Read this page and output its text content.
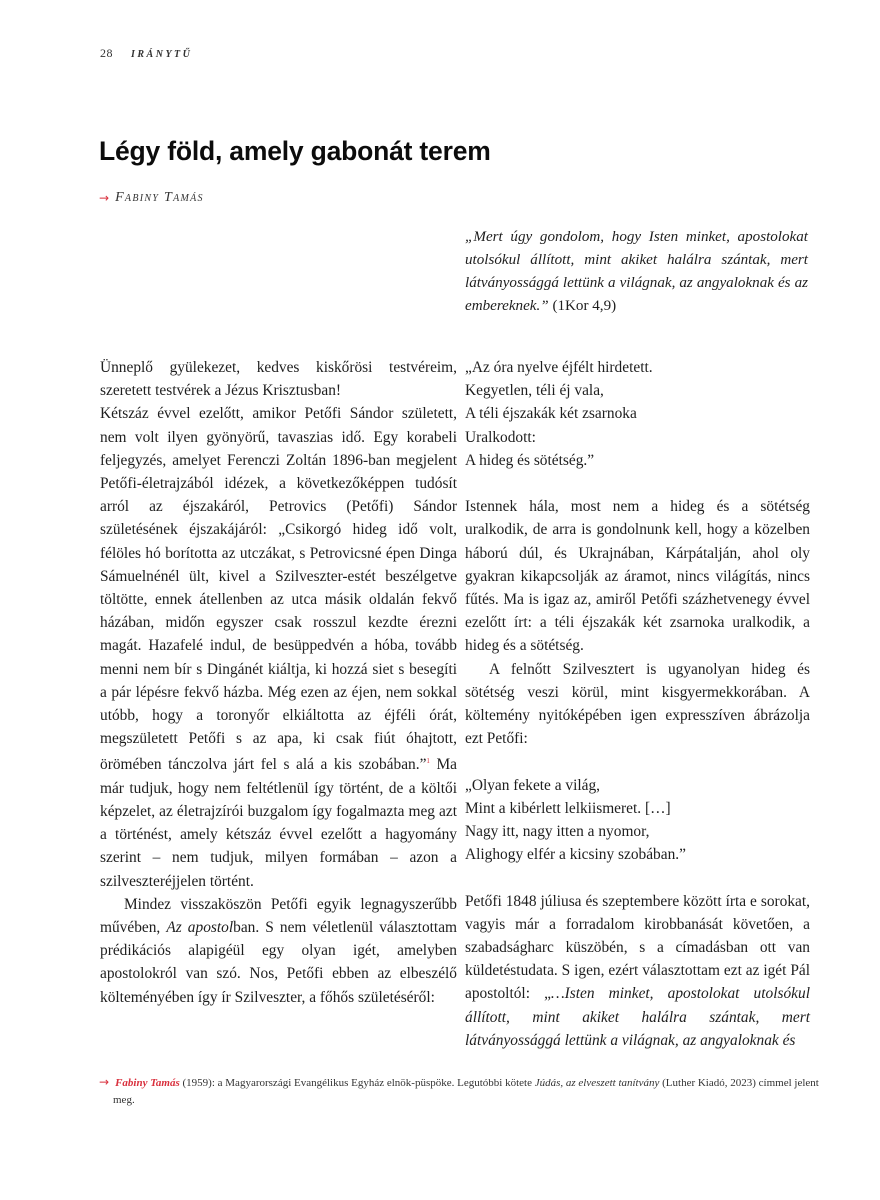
28 IRÁNYTŰ
Légy föld, amely gabonát terem
→ Fabiny Tamás

„Mert úgy gondolom, hogy Isten minket, apostolokat utolsókul állított, mint akiket halálra szántak, mert látványossággá lettünk a világnak, az angyaloknak és az embereknek.” (1Kor 4,9)

Ünneplő gyülekezet, kedves kiskőrösi testvéreim, szeretett testvérek a Jézus Krisztusban!

Kétszáz évvel ezelőtt, amikor Petőfi Sándor született, nem volt ilyen gyönyörű, tavaszias idő. Egy korabeli feljegyzés, amelyet Ferenczi Zoltán 1896-ban megjelent Petőfi-életrajzából idézek, a következőképpen tudósít arról az éjszakáról, Petrovics (Petőfi) Sándor születésének éjszakájáról: „Csikorgó hideg idő volt, félöles hó borította az utczákat, s Petrovicsné épen Dinga Sámuelnénél ült, kivel a Szilveszter-estét beszélgetve töltötte, ennek átellenben az utca másik oldalán fekvő házában, midőn egyszer csak rosszul kezdte érezni magát. Hazafelé indul, de besüppedvén a hóba, tovább menni nem bír s Dingánét kiáltja, ki hozzá siet s besegíti a pár lépésre fekvő házba. Még ezen az éjen, nem sokkal utóbb, hogy a toronyőr elkiáltotta az éjféli órát, megszületett Petőfi s az apa, ki csak fiút óhajtott, örömében tánczolva járt fel s alá a kis szobában.”$^1$ Ma már tudjuk, hogy nem feltétlenül így történt, de a költői képzelet, az életrajzírói buzgalom így fogalmazta meg azt a történést, amely kétszáz évvel ezelőtt a hagyomány szerint – nem tudjuk, milyen formában – azon a szilveszteréjjelen történt.

Mindez visszaköszön Petőfi egyik legnagyszerűbb művében, Az apostolban. S nem véletlenül választottam prédikációs alapigéül egy olyan igét, amelyben apostolokról van szó. Nos, Petőfi ebben az elbeszélő költeményében így ír Szilveszter, a főhős születéséről:

„Az óra nyelve éjfélt hirdetett.
Kegyetlen, téli éj vala,
A téli éjszakák két zsarnoka
Uralkodott:
A hideg és sötétség.”

Istennek hála, most nem a hideg és a sötétség uralkodik, de arra is gondolnunk kell, hogy a közelben háború dúl, és Ukrajnában, Kárpátalján, ahol oly gyakran kikapcsolják az áramot, nincs világítás, nincs fűtés. Ma is igaz az, amiről Petőfi százhetvenegy évvel ezelőtt írt: a téli éjszakák két zsarnoka uralkodik, a hideg és a sötétség.

A felnőtt Szilvesztert is ugyanolyan hideg és sötétség veszi körül, mint kisgyermekkorában. A költemény nyitóképében igen expresszíven ábrázolja ezt Petőfi:

„Olyan fekete a világ,
Mint a kibérlett lelkiismeret. […]
Nagy itt, nagy itten a nyomor,
Alighogy elfér a kicsiny szobában.”

Petőfi 1848 júliusa és szeptembere között írta e sorokat, vagyis már a forradalom kirobbanását követően, a szabadságharc küszöbén, s a címadásban ott van küldetéstudata. S igen, ezért választottam ezt az igét Pál apostoltól: „…Isten minket, apostolokat utolsókul állított, mint akiket halálra szántak, mert látványossággá lettünk a világnak, az angyaloknak és

→ Fabiny Tamás (1959): a Magyarországi Evangélikus Egyház elnök-püspöke. Legutóbbi kötete Júdás, az elveszett tanítvány (Luther Kiadó, 2023) címmel jelent meg.
